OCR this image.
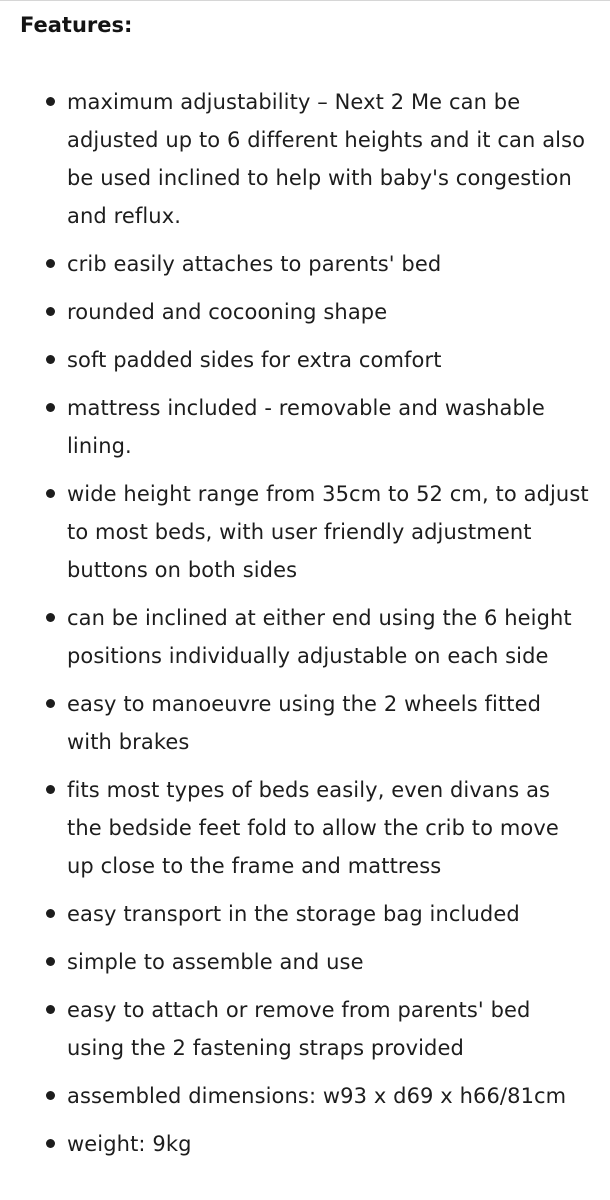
Features:
maximum adjustability – Next 2 Me can be adjusted up to 6 different heights and it can also be used inclined to help with baby's congestion and reflux.
crib easily attaches to parents' bed
rounded and cocooning shape
soft padded sides for extra comfort
mattress included - removable and washable lining.
wide height range from 35cm to 52 cm, to adjust to most beds, with user friendly adjustment buttons on both sides
can be inclined at either end using the 6 height positions individually adjustable on each side
easy to manoeuvre using the 2 wheels fitted with brakes
fits most types of beds easily, even divans as the bedside feet fold to allow the crib to move up close to the frame and mattress
easy transport in the storage bag included
simple to assemble and use
easy to attach or remove from parents' bed using the 2 fastening straps provided
assembled dimensions: w93 x d69 x h66/81cm
weight: 9kg
